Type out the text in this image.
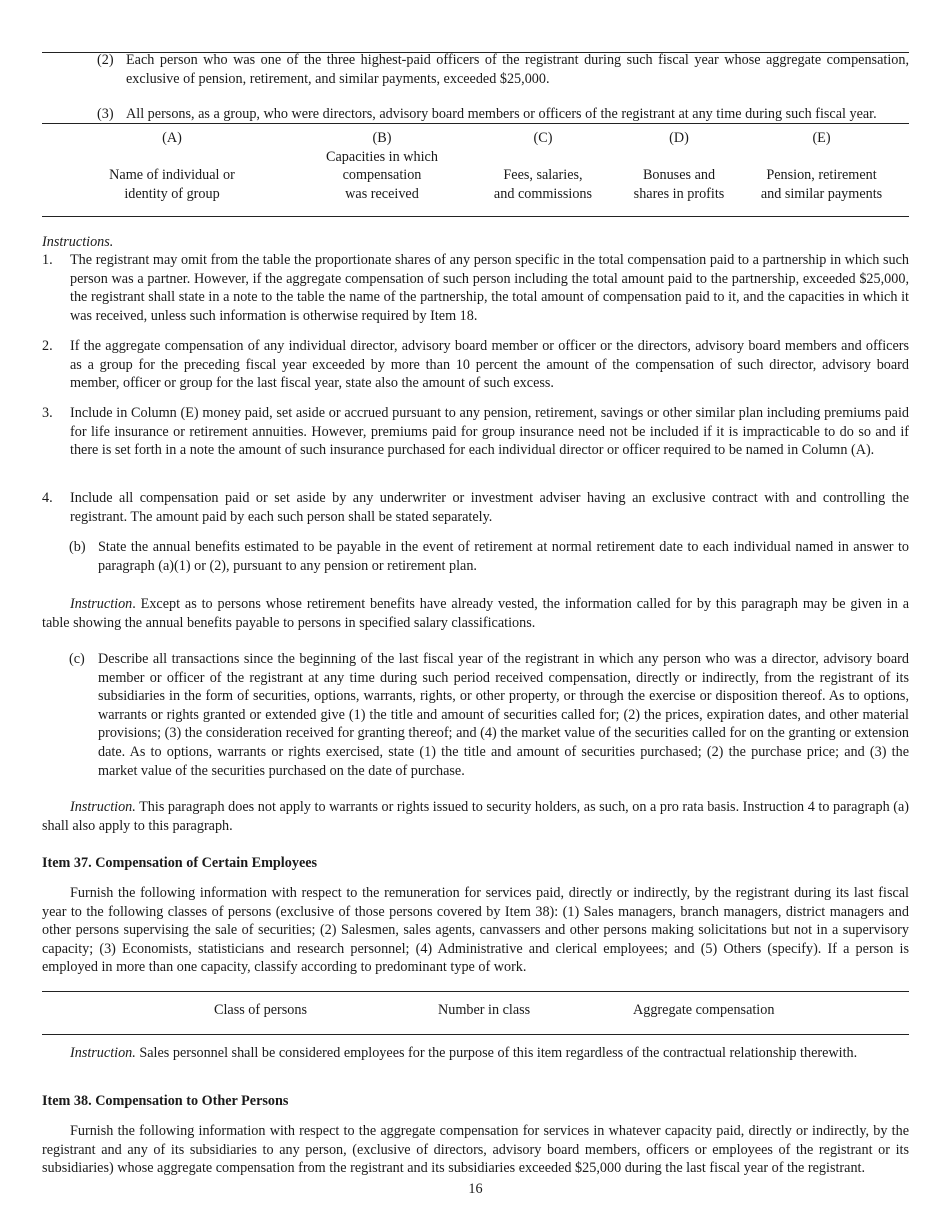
(2) Each person who was one of the three highest-paid officers of the registrant during such fiscal year whose aggregate compensation, exclusive of pension, retirement, and similar payments, exceeded $25,000.
(3) All persons, as a group, who were directors, advisory board members or officers of the registrant at any time during such fiscal year.
(A)	(B)	(C)	(D)	(E)
	Capacities in which			
Name of individual or	compensation	Fees, salaries,	Bonuses and	Pension, retirement
identity of group	was received	and commissions	shares in profits	and similar payments
Instructions.
1. The registrant may omit from the table the proportionate shares of any person specific in the total compensation paid to a partnership in which such person was a partner. However, if the aggregate compensation of such person including the total amount paid to the partnership, exceeded $25,000, the registrant shall state in a note to the table the name of the partnership, the total amount of compensation paid to it, and the capacities in which it was received, unless such information is otherwise required by Item 18.
2. If the aggregate compensation of any individual director, advisory board member or officer or the directors, advisory board members and officers as a group for the preceding fiscal year exceeded by more than 10 percent the amount of the compensation of such director, advisory board member, officer or group for the last fiscal year, state also the amount of such excess.
3. Include in Column (E) money paid, set aside or accrued pursuant to any pension, retirement, savings or other similar plan including premiums paid for life insurance or retirement annuities. However, premiums paid for group insurance need not be included if it is impracticable to do so and if there is set forth in a note the amount of such insurance purchased for each individual director or officer required to be named in Column (A).
4. Include all compensation paid or set aside by any underwriter or investment adviser having an exclusive contract with and controlling the registrant. The amount paid by each such person shall be stated separately.
(b) State the annual benefits estimated to be payable in the event of retirement at normal retirement date to each individual named in answer to paragraph (a)(1) or (2), pursuant to any pension or retirement plan.
Instruction. Except as to persons whose retirement benefits have already vested, the information called for by this paragraph may be given in a table showing the annual benefits payable to persons in specified salary classifications.
(c) Describe all transactions since the beginning of the last fiscal year of the registrant in which any person who was a director, advisory board member or officer of the registrant at any time during such period received compensation, directly or indirectly, from the registrant of its subsidiaries in the form of securities, options, warrants, rights, or other property, or through the exercise or disposition thereof. As to options, warrants or rights granted or extended give (1) the title and amount of securities called for; (2) the prices, expiration dates, and other material provisions; (3) the consideration received for granting thereof; and (4) the market value of the securities called for on the granting or extension date. As to options, warrants or rights exercised, state (1) the title and amount of securities purchased; (2) the purchase price; and (3) the market value of the securities purchased on the date of purchase.
Instruction. This paragraph does not apply to warrants or rights issued to security holders, as such, on a pro rata basis. Instruction 4 to paragraph (a) shall also apply to this paragraph.
Item 37. Compensation of Certain Employees
Furnish the following information with respect to the remuneration for services paid, directly or indirectly, by the registrant during its last fiscal year to the following classes of persons (exclusive of those persons covered by Item 38): (1) Sales managers, branch managers, district managers and other persons supervising the sale of securities; (2) Salesmen, sales agents, canvassers and other persons making solicitations but not in a supervisory capacity; (3) Economists, statisticians and research personnel; (4) Administrative and clerical employees; and (5) Others (specify). If a person is employed in more than one capacity, classify according to predominant type of work.
Class of persons	Number in class	Aggregate compensation
Instruction. Sales personnel shall be considered employees for the purpose of this item regardless of the contractual relationship therewith.
Item 38. Compensation to Other Persons
Furnish the following information with respect to the aggregate compensation for services in whatever capacity paid, directly or indirectly, by the registrant and any of its subsidiaries to any person, (exclusive of directors, advisory board members, officers or employees of the registrant or its subsidiaries) whose aggregate compensation from the registrant and its subsidiaries exceeded $25,000 during the last fiscal year of the registrant.
16
